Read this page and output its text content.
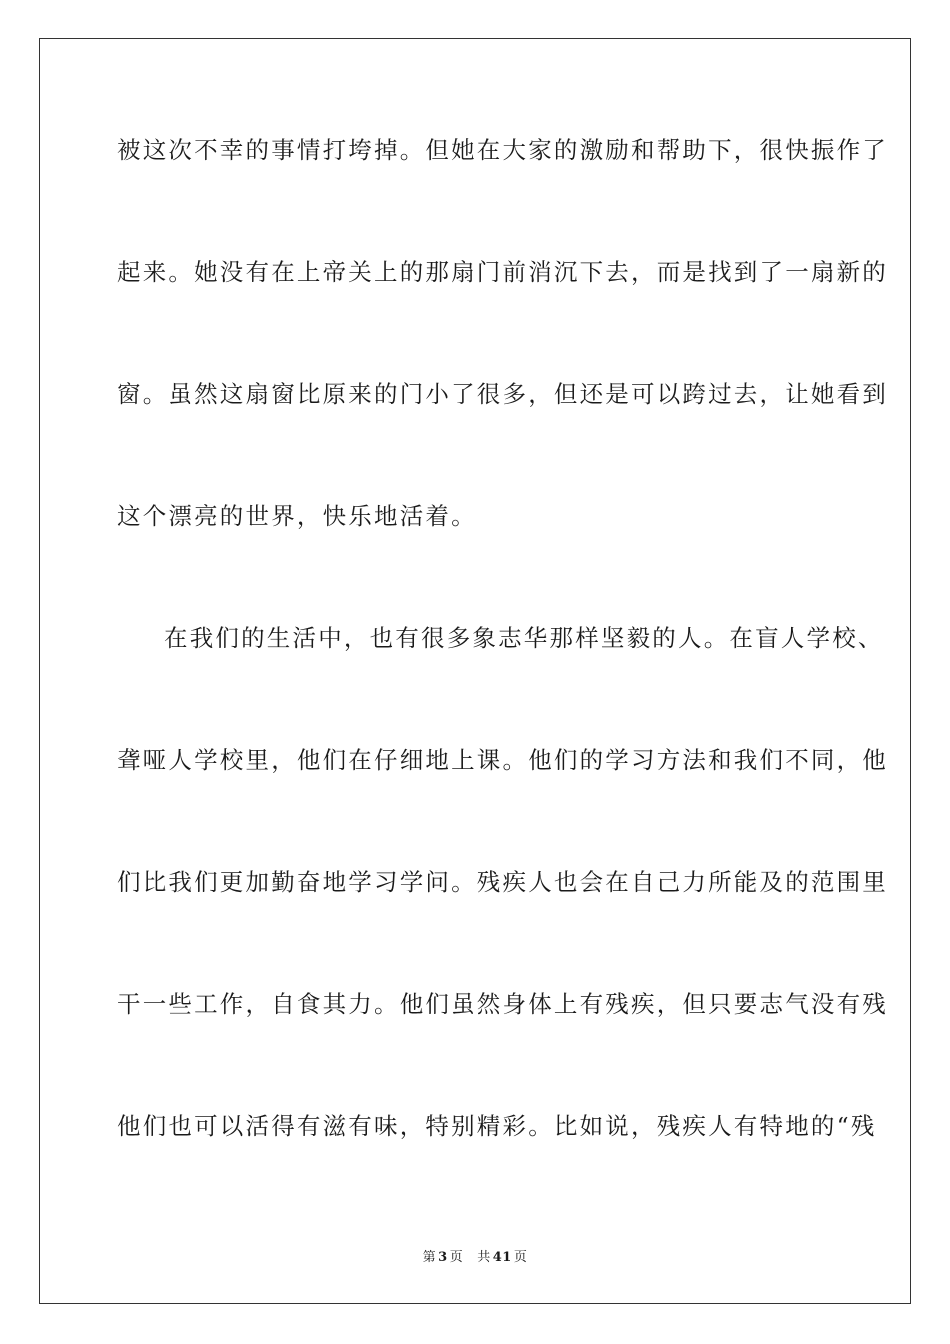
被这次不幸的事情打垮掉。但她在大家的激励和帮助下，很快振作了
起来。她没有在上帝关上的那扇门前消沉下去，而是找到了一扇新的
窗。虽然这扇窗比原来的门小了很多，但还是可以跨过去，让她看到
这个漂亮的世界，快乐地活着。
在我们的生活中，也有很多象志华那样坚毅的人。在盲人学校、
聋哑人学校里，他们在仔细地上课。他们的学习方法和我们不同，他
们比我们更加勤奋地学习学问。残疾人也会在自己力所能及的范围里
干一些工作，自食其力。他们虽然身体上有残疾，但只要志气没有残
他们也可以活得有滋有味，特别精彩。比如说，残疾人有特地的“残
第 3 页 共 41 页
